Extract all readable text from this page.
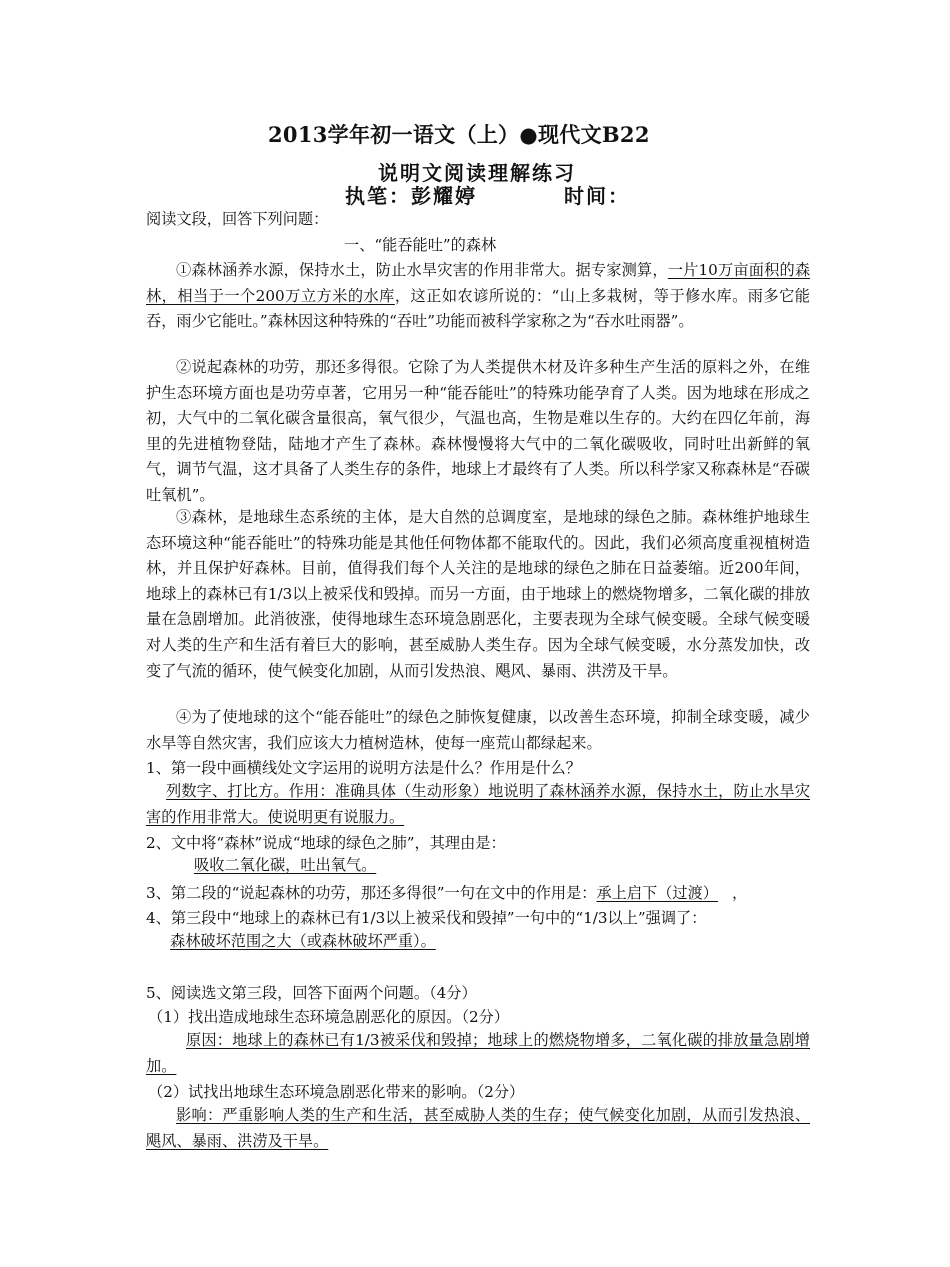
2013学年初一语文（上）●现代文B22
说明文阅读理解练习
执笔：彭耀婷	时间：
阅读文段，回答下列问题：
一、“能吞能吐”的森林

①森林涵养水源，保持水土，防止水旱灾害的作用非常大。据专家测算，一片10万亩面积的森林，相当于一个200万立方米的水库，这正如农谚所说的：“山上多栽树，等于修水库。雨多它能吞，雨少它能吐。”森林因这种特殊的“吞吐”功能而被科学家称之为“吞水吐雨器”。

②说起森林的功劳，那还多得很。它除了为人类提供木材及许多种生产生活的原料之外，在维护生态环境方面也是功劳卓著，它用另一种“能吞能吐”的特殊功能孕育了人类。因为地球在形成之初，大气中的二氧化碳含量很高，氧气很少，气温也高，生物是难以生存的。大约在四亿年前，海里的先进植物登陆，陆地才产生了森林。森林慢慢将大气中的二氧化碳吸收，同时吐出新鲜的氧气，调节气温，这才具备了人类生存的条件，地球上才最终有了人类。所以科学家又称森林是“吞碳吐氧机”。

③森林，是地球生态系统的主体，是大自然的总调度室，是地球的绿色之肺。森林维护地球生态环境这种“能吞能吐”的特殊功能是其他任何物体都不能取代的。因此，我们必须高度重视植树造林，并且保护好森林。目前，值得我们每个人关注的是地球的绿色之肺在日益萎缩。近200年间，地球上的森林已有1/3以上被采伐和毁掉。而另一方面，由于地球上的燃烧物增多，二氧化碳的排放量在急剧增加。此消彼涨，使得地球生态环境急剧恶化，主要表现为全球气候变暖。全球气候变暖对人类的生产和生活有着巨大的影响，甚至威胁人类生存。因为全球气候变暖，水分蒸发加快，改变了气流的循环，使气候变化加剧，从而引发热浪、飓风、暴雨、洪涝及干旱。

④为了使地球的这个“能吞能吐”的绿色之肺恢复健康，以改善生态环境，抑制全球变暖，减少水旱等自然灾害，我们应该大力植树造林，使每一座荒山都绿起来。

1、第一段中画横线处文字运用的说明方法是什么？作用是什么？

列数字、打比方。作用：准确具体（生动形象）地说明了森林涵养水源，保持水土，防止水旱灾害的作用非常大。使说明更有说服力。

2、文中将“森林”说成“地球的绿色之肺”，其理由是：
吸收二氧化碳，吐出氧气。
3、第二段的“说起森林的功劳，那还多得很”一句在文中的作用是：承上启下（过渡） ，
4、第三段中“地球上的森林已有1/3以上被采伐和毁掉”一句中的“1/3以上”强调了：
森林破坏范围之大（或森林破坏严重）。
5、阅读选文第三段，回答下面两个问题。（4分）
（1）找出造成地球生态环境急剧恶化的原因。（2分）

原因：地球上的森林已有1/3被采伐和毁掉；地球上的燃烧物增多，二氧化碳的排放量急剧增加。

（2）试找出地球生态环境急剧恶化带来的影响。（2分）

影响：严重影响人类的生产和生活，甚至威胁人类的生存；使气候变化加剧，从而引发热浪、飓风、暴雨、洪涝及干旱。
